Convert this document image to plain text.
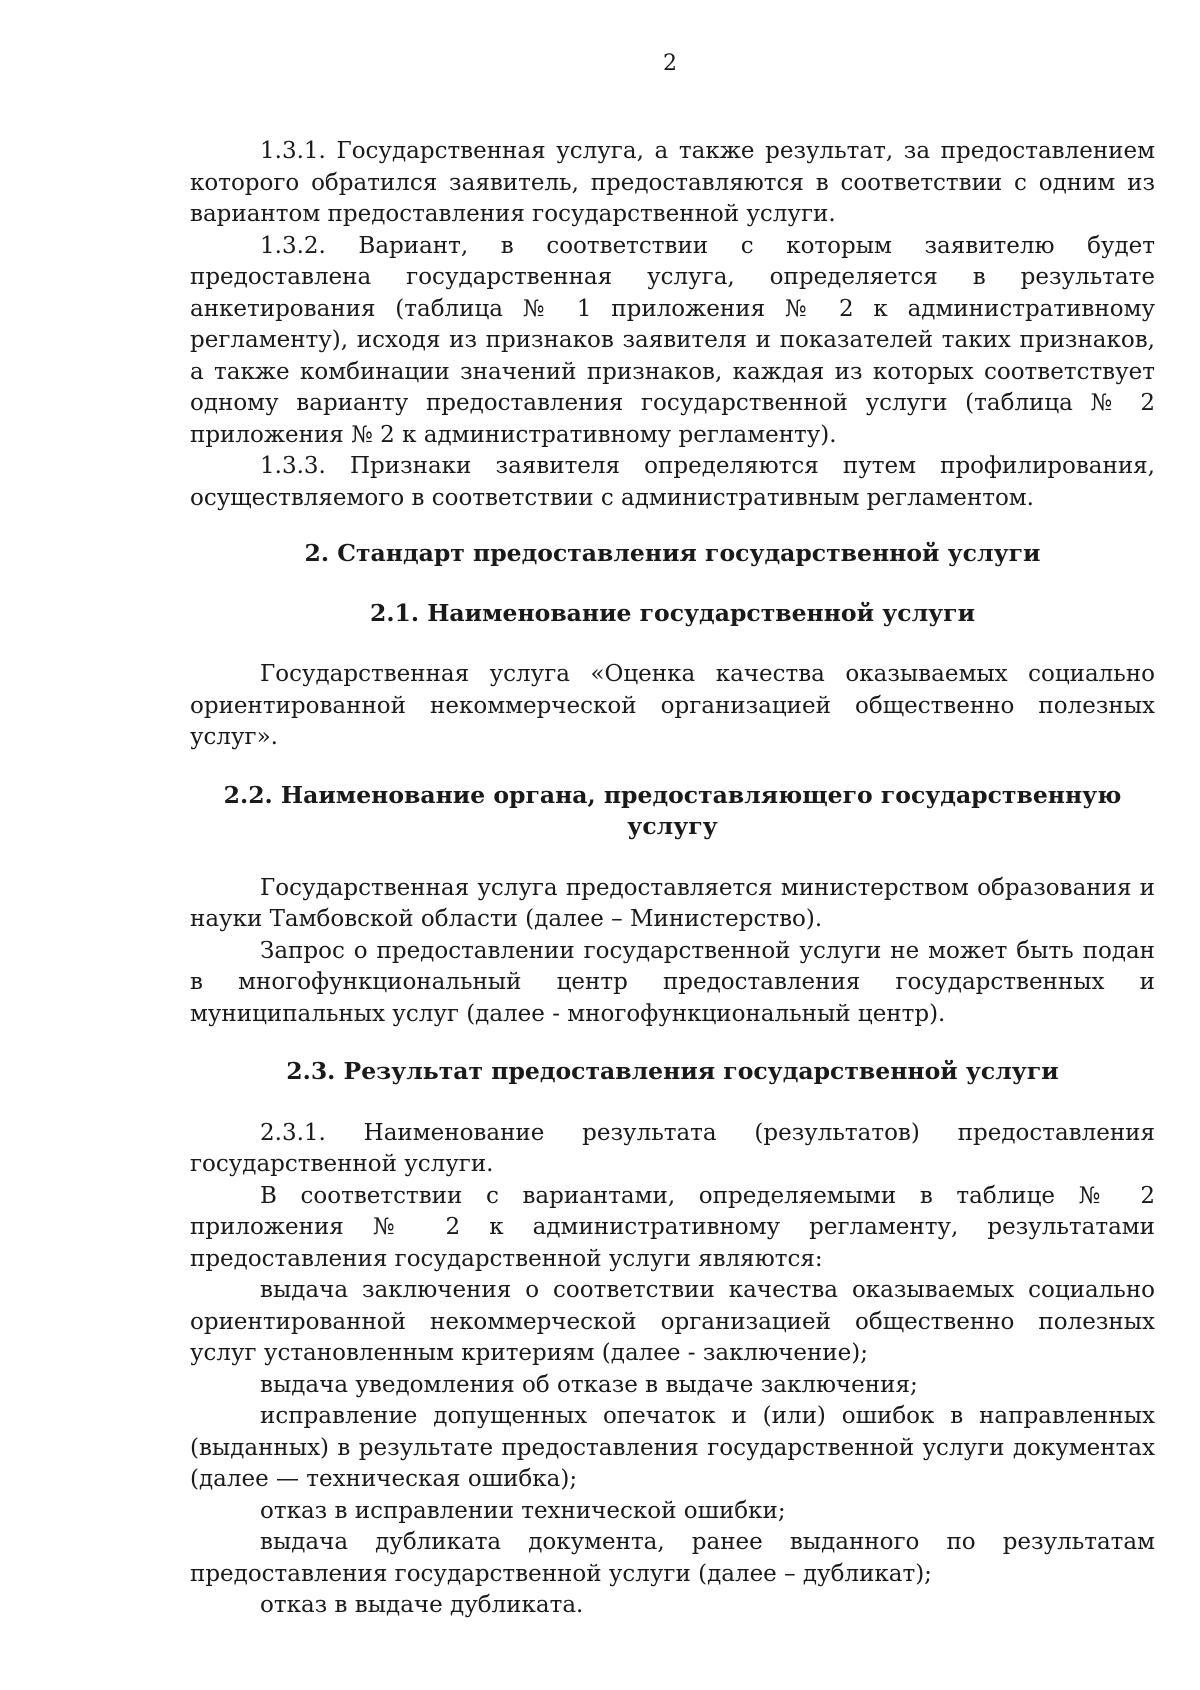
2

1.3.1. Государственная услуга, а также результат, за предоставлением которого обратился заявитель, предоставляются в соответствии с одним из вариантом предоставления государственной услуги.

1.3.2. Вариант, в соответствии с которым заявителю будет предоставлена государственная услуга, определяется в результате анкетирования (таблица № 1 приложения № 2 к административному регламенту), исходя из признаков заявителя и показателей таких признаков, а также комбинации значений признаков, каждая из которых соответствует одному варианту предоставления государственной услуги (таблица № 2 приложения № 2 к административному регламенту).

1.3.3. Признаки заявителя определяются путем профилирования, осуществляемого в соответствии с административным регламентом.

2. Стандарт предоставления государственной услуги
2.1. Наименование государственной услуги

Государственная услуга «Оценка качества оказываемых социально ориентированной некоммерческой организацией общественно полезных услуг».

2.2. Наименование органа, предоставляющего государственную услугу

Государственная услуга предоставляется министерством образования и науки Тамбовской области (далее – Министерство).

Запрос о предоставлении государственной услуги не может быть подан в многофункциональный центр предоставления государственных и муниципальных услуг (далее - многофункциональный центр).

2.3. Результат предоставления государственной услуги

2.3.1. Наименование результата (результатов) предоставления государственной услуги.

В соответствии с вариантами, определяемыми в таблице № 2 приложения № 2 к административному регламенту, результатами предоставления государственной услуги являются:

выдача заключения о соответствии качества оказываемых социально ориентированной некоммерческой организацией общественно полезных услуг установленным критериям (далее - заключение);

выдача уведомления об отказе в выдаче заключения;

исправление допущенных опечаток и (или) ошибок в направленных (выданных) в результате предоставления государственной услуги документах (далее — техническая ошибка);

отказ в исправлении технической ошибки;

выдача дубликата документа, ранее выданного по результатам предоставления государственной услуги (далее – дубликат);

отказ в выдаче дубликата.
